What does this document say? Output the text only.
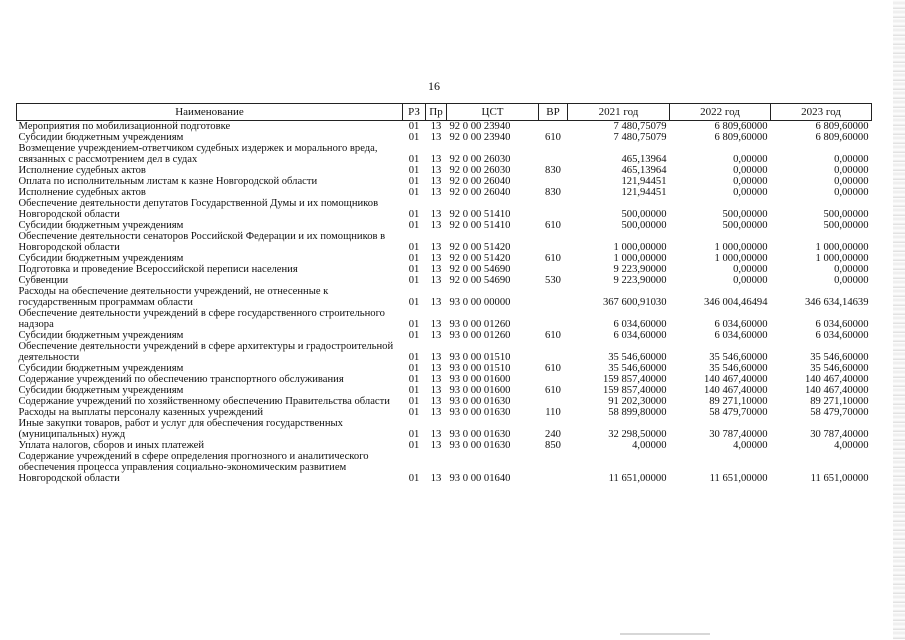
16
Наименование	РЗ	Пр	ЦСТ	ВР	2021 год	2022 год	2023 год
Мероприятия по мобилизационной подготовке	01	13	92 0 00 23940		7 480,75079	6 809,60000	6 809,60000
Субсидии бюджетным учреждениям	01	13	92 0 00 23940	610	7 480,75079	6 809,60000	6 809,60000
Возмещение учреждением-ответчиком судебных издержек и морального вреда, связанных с рассмотрением дел в судах	01	13	92 0 00 26030		465,13964	0,00000	0,00000
Исполнение судебных актов	01	13	92 0 00 26030	830	465,13964	0,00000	0,00000
Оплата по исполнительным листам к казне Новгородской области	01	13	92 0 00 26040		121,94451	0,00000	0,00000
Исполнение судебных актов	01	13	92 0 00 26040	830	121,94451	0,00000	0,00000
Обеспечение деятельности депутатов Государственной Думы и их помощников Новгородской области	01	13	92 0 00 51410		500,00000	500,00000	500,00000
Субсидии бюджетным учреждениям	01	13	92 0 00 51410	610	500,00000	500,00000	500,00000
Обеспечение деятельности сенаторов Российской Федерации и их помощников в Новгородской области	01	13	92 0 00 51420		1 000,00000	1 000,00000	1 000,00000
Субсидии бюджетным учреждениям	01	13	92 0 00 51420	610	1 000,00000	1 000,00000	1 000,00000
Подготовка и проведение Всероссийской переписи населения	01	13	92 0 00 54690		9 223,90000	0,00000	0,00000
Субвенции	01	13	92 0 00 54690	530	9 223,90000	0,00000	0,00000
Расходы на обеспечение деятельности учреждений, не отнесенные к государственным программам области	01	13	93 0 00 00000		367 600,91030	346 004,46494	346 634,14639
Обеспечение деятельности учреждений в сфере государственного строительного надзора	01	13	93 0 00 01260		6 034,60000	6 034,60000	6 034,60000
Субсидии бюджетным учреждениям	01	13	93 0 00 01260	610	6 034,60000	6 034,60000	6 034,60000
Обеспечение деятельности учреждений в сфере архитектуры и градостроительной деятельности	01	13	93 0 00 01510		35 546,60000	35 546,60000	35 546,60000
Субсидии бюджетным учреждениям	01	13	93 0 00 01510	610	35 546,60000	35 546,60000	35 546,60000
Содержание учреждений по обеспечению транспортного обслуживания	01	13	93 0 00 01600		159 857,40000	140 467,40000	140 467,40000
Субсидии бюджетным учреждениям	01	13	93 0 00 01600	610	159 857,40000	140 467,40000	140 467,40000
Содержание учреждений по хозяйственному обеспечению Правительства области	01	13	93 0 00 01630		91 202,30000	89 271,10000	89 271,10000
Расходы на выплаты персоналу казенных учреждений	01	13	93 0 00 01630	110	58 899,80000	58 479,70000	58 479,70000
Иные закупки товаров, работ и услуг для обеспечения государственных (муниципальных) нужд	01	13	93 0 00 01630	240	32 298,50000	30 787,40000	30 787,40000
Уплата налогов, сборов и иных платежей	01	13	93 0 00 01630	850	4,00000	4,00000	4,00000
Содержание учреждений в сфере определения прогнозного и аналитического обеспечения процесса управления социально-экономическим развитием Новгородской области	01	13	93 0 00 01640		11 651,00000	11 651,00000	11 651,00000
